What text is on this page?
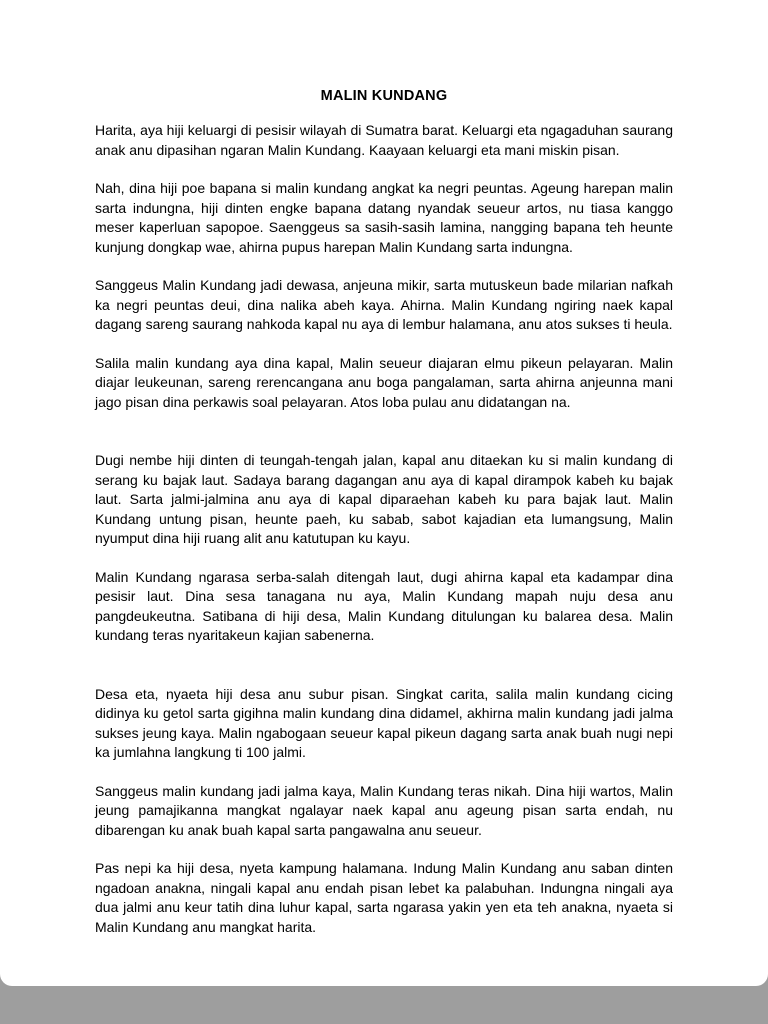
MALIN KUNDANG

Harita, aya hiji keluargi di pesisir wilayah di Sumatra barat. Keluargi eta ngagaduhan saurang anak anu dipasihan ngaran Malin Kundang. Kaayaan keluargi eta mani miskin pisan.

Nah, dina hiji poe bapana si malin kundang angkat ka negri peuntas. Ageung harepan malin sarta indungna, hiji dinten engke bapana datang nyandak seueur artos, nu tiasa kanggo meser kaperluan sapopoe. Saenggeus sa sasih-sasih lamina, nangging bapana teh heunte kunjung dongkap wae, ahirna pupus harepan Malin Kundang sarta indungna.

Sanggeus Malin Kundang jadi dewasa, anjeuna mikir, sarta mutuskeun bade milarian nafkah ka negri peuntas deui, dina nalika abeh kaya. Ahirna. Malin Kundang ngiring naek kapal dagang sareng saurang nahkoda kapal nu aya di lembur halamana, anu atos sukses ti heula.

Salila malin kundang aya dina kapal, Malin seueur diajaran elmu pikeun pelayaran. Malin diajar leukeunan, sareng rerencangana anu boga pangalaman, sarta ahirna anjeunna mani jago pisan dina perkawis soal pelayaran. Atos loba pulau anu didatangan na.

Dugi nembe hiji dinten di teungah-tengah jalan, kapal anu ditaekan ku si malin kundang di serang ku bajak laut. Sadaya barang dagangan anu aya di kapal dirampok kabeh ku bajak laut. Sarta jalmi-jalmina anu aya di kapal diparaehan kabeh ku para bajak laut. Malin Kundang untung pisan, heunte paeh, ku sabab, sabot kajadian eta lumangsung, Malin nyumput dina hiji ruang alit anu katutupan ku kayu.

Malin Kundang ngarasa serba-salah ditengah laut, dugi ahirna kapal eta kadampar dina pesisir laut. Dina sesa tanagana nu aya, Malin Kundang mapah nuju desa anu pangdeukeutna. Satibana di hiji desa, Malin Kundang ditulungan ku balarea desa. Malin kundang teras nyaritakeun kajian sabenerna.

Desa eta, nyaeta hiji desa anu subur pisan. Singkat carita, salila malin kundang cicing didinya ku getol sarta gigihna malin kundang dina didamel, akhirna malin kundang jadi jalma sukses jeung kaya. Malin ngabogaan seueur kapal pikeun dagang sarta anak buah nugi nepi ka jumlahna langkung ti 100 jalmi.

Sanggeus malin kundang jadi jalma kaya, Malin Kundang teras nikah. Dina hiji wartos, Malin jeung pamajikanna mangkat ngalayar naek kapal anu ageung pisan sarta endah, nu dibarengan ku anak buah kapal sarta pangawalna anu seueur.

Pas nepi ka hiji desa, nyeta kampung halamana. Indung Malin Kundang anu saban dinten ngadoan anakna, ningali kapal anu endah pisan lebet ka palabuhan. Indungna ningali aya dua jalmi anu keur tatih dina luhur kapal, sarta ngarasa yakin yen eta teh anakna, nyaeta si Malin Kundang anu mangkat harita.
